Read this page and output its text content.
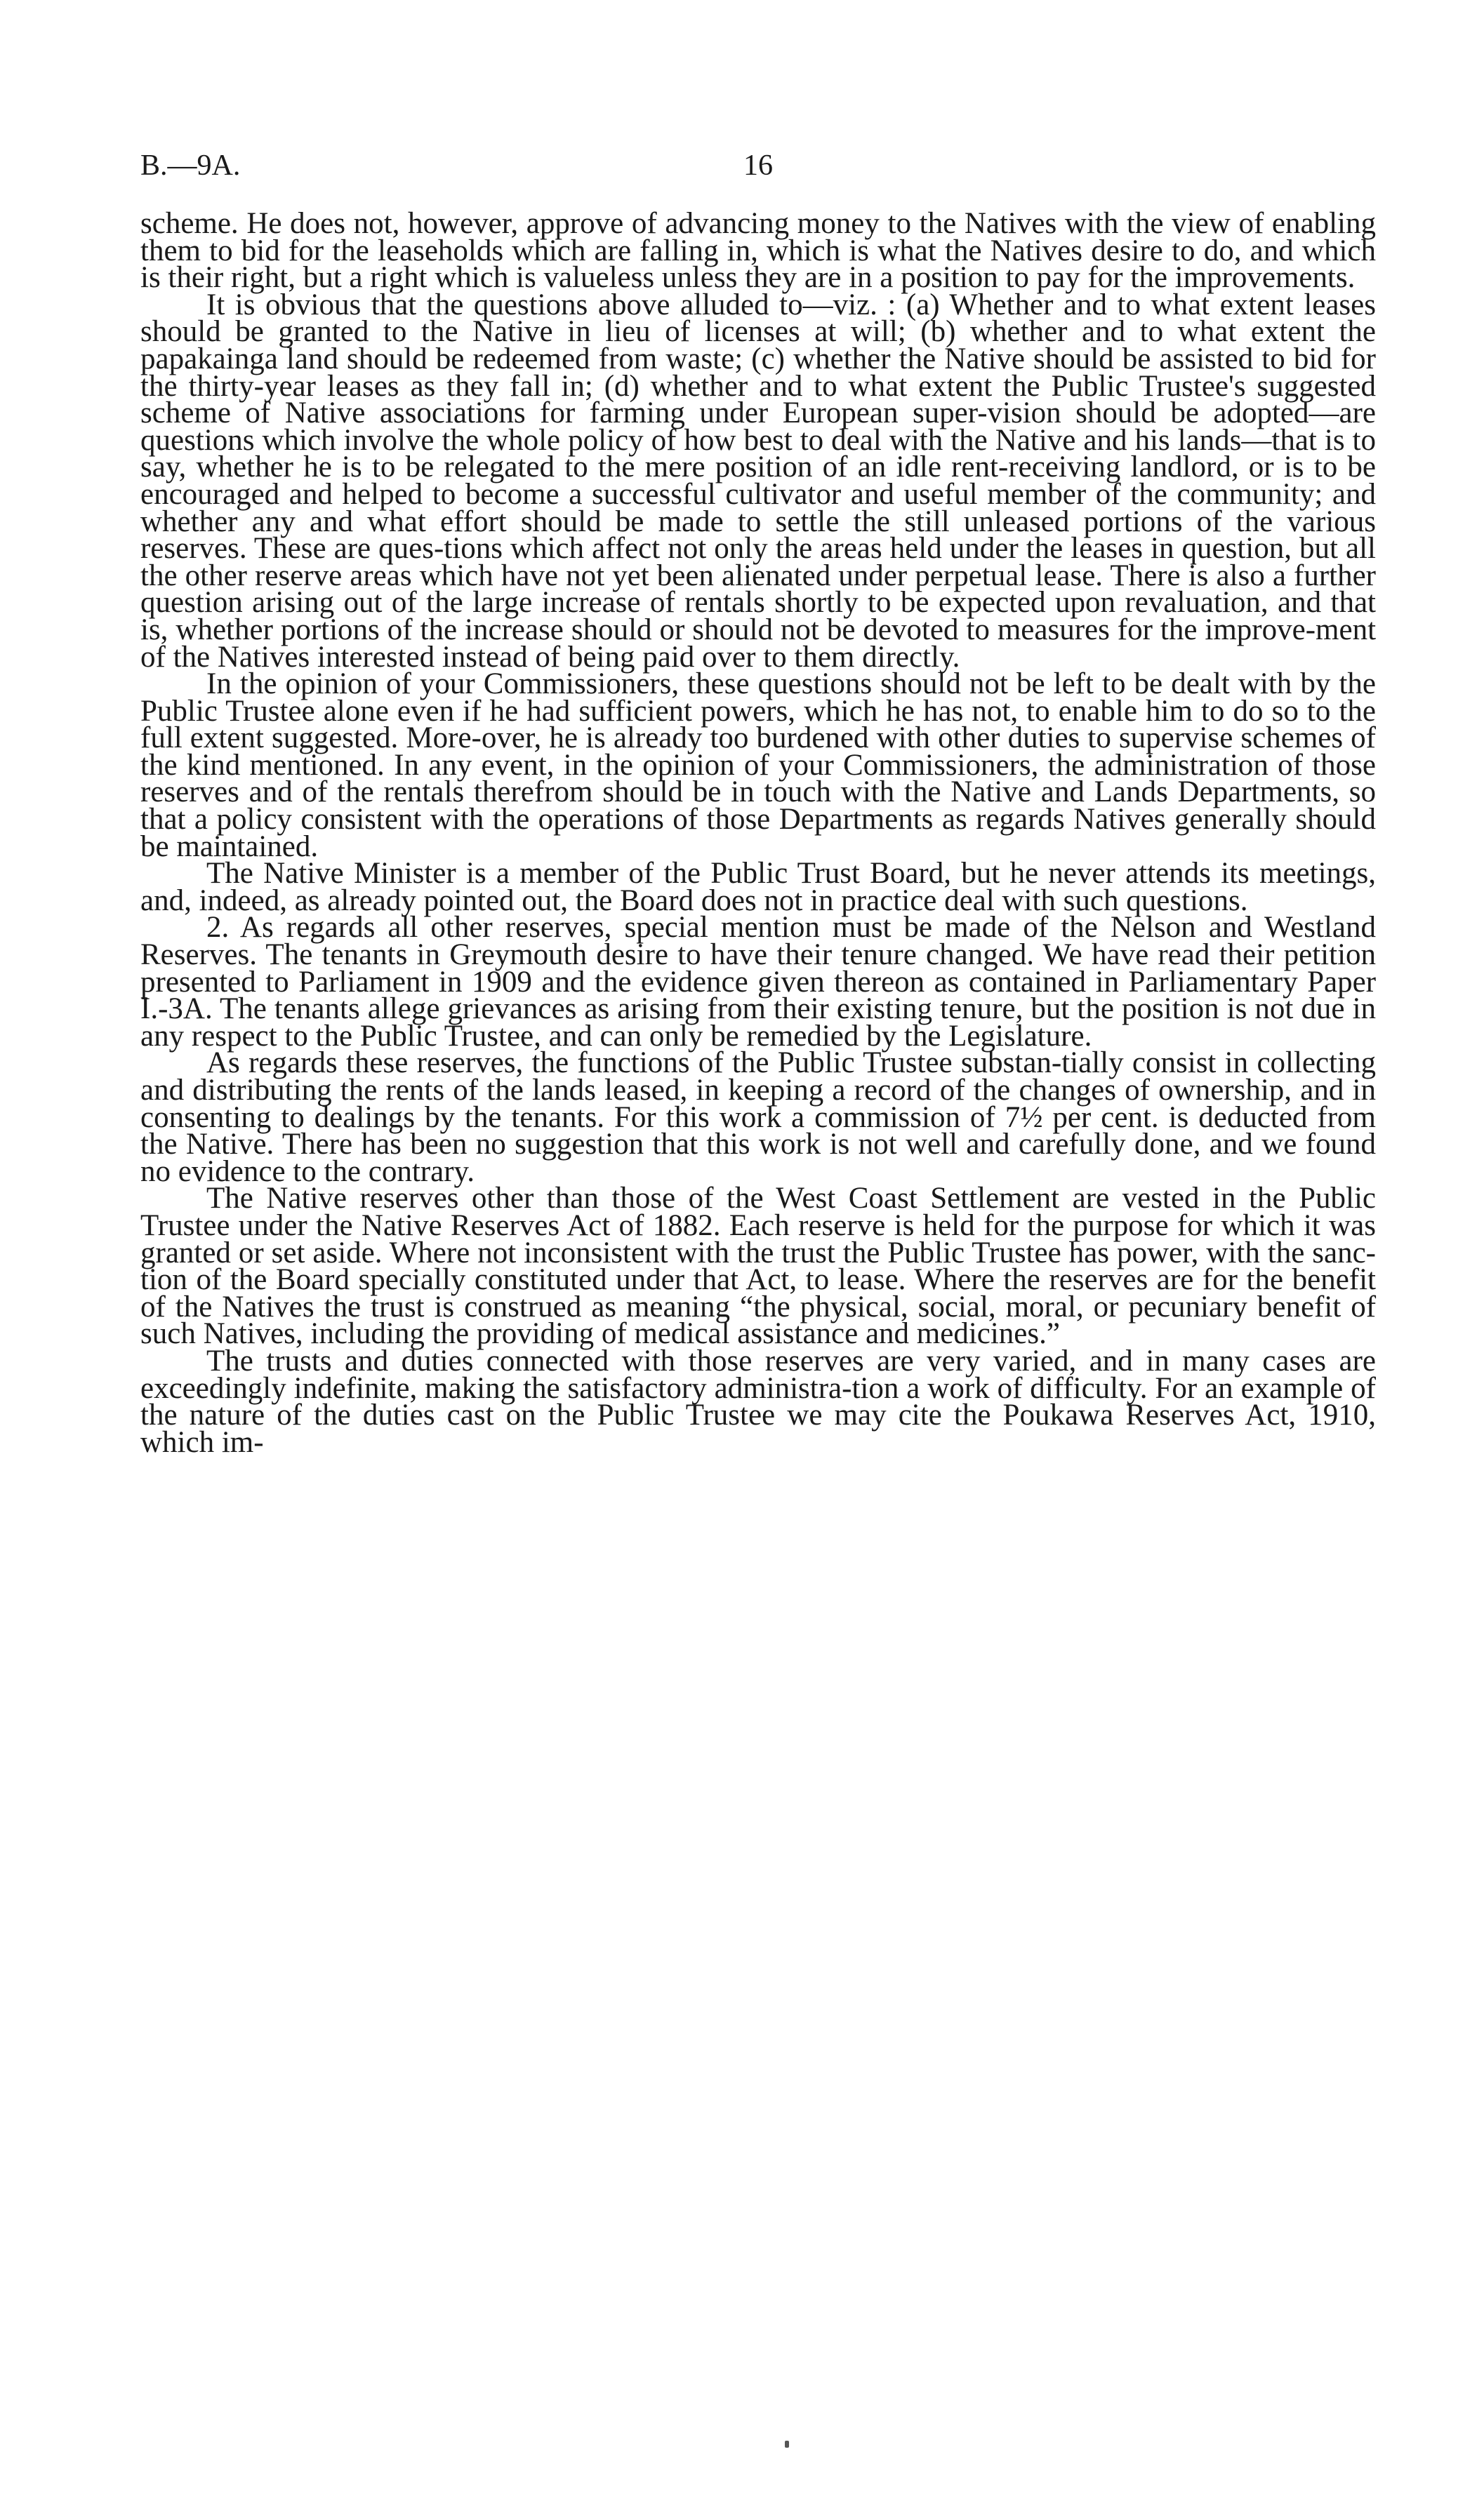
B.—9A.	16

scheme. He does not, however, approve of advancing money to the Natives with the view of enabling them to bid for the leaseholds which are falling in, which is what the Natives desire to do, and which is their right, but a right which is valueless unless they are in a position to pay for the improvements.

It is obvious that the questions above alluded to—viz. : (a) Whether and to what extent leases should be granted to the Native in lieu of licenses at will; (b) whether and to what extent the papakainga land should be redeemed from waste; (c) whether the Native should be assisted to bid for the thirty-year leases as they fall in; (d) whether and to what extent the Public Trustee's suggested scheme of Native associations for farming under European super-vision should be adopted—are questions which involve the whole policy of how best to deal with the Native and his lands—that is to say, whether he is to be relegated to the mere position of an idle rent-receiving landlord, or is to be encouraged and helped to become a successful cultivator and useful member of the community; and whether any and what effort should be made to settle the still unleased portions of the various reserves. These are ques-tions which affect not only the areas held under the leases in question, but all the other reserve areas which have not yet been alienated under perpetual lease. There is also a further question arising out of the large increase of rentals shortly to be expected upon revaluation, and that is, whether portions of the increase should or should not be devoted to measures for the improve-ment of the Natives interested instead of being paid over to them directly.

In the opinion of your Commissioners, these questions should not be left to be dealt with by the Public Trustee alone even if he had sufficient powers, which he has not, to enable him to do so to the full extent suggested. More-over, he is already too burdened with other duties to supervise schemes of the kind mentioned. In any event, in the opinion of your Commissioners, the administration of those reserves and of the rentals therefrom should be in touch with the Native and Lands Departments, so that a policy consistent with the operations of those Departments as regards Natives generally should be maintained.

The Native Minister is a member of the Public Trust Board, but he never attends its meetings, and, indeed, as already pointed out, the Board does not in practice deal with such questions.

2. As regards all other reserves, special mention must be made of the Nelson and Westland Reserves. The tenants in Greymouth desire to have their tenure changed. We have read their petition presented to Parliament in 1909 and the evidence given thereon as contained in Parliamentary Paper I.-3A. The tenants allege grievances as arising from their existing tenure, but the position is not due in any respect to the Public Trustee, and can only be remedied by the Legislature.

As regards these reserves, the functions of the Public Trustee substan-tially consist in collecting and distributing the rents of the lands leased, in keeping a record of the changes of ownership, and in consenting to dealings by the tenants. For this work a commission of 7½ per cent. is deducted from the Native. There has been no suggestion that this work is not well and carefully done, and we found no evidence to the contrary.

The Native reserves other than those of the West Coast Settlement are vested in the Public Trustee under the Native Reserves Act of 1882. Each reserve is held for the purpose for which it was granted or set aside. Where not inconsistent with the trust the Public Trustee has power, with the sanc-tion of the Board specially constituted under that Act, to lease. Where the reserves are for the benefit of the Natives the trust is construed as meaning “the physical, social, moral, or pecuniary benefit of such Natives, including the providing of medical assistance and medicines.”

The trusts and duties connected with those reserves are very varied, and in many cases are exceedingly indefinite, making the satisfactory administra-tion a work of difficulty. For an example of the nature of the duties cast on the Public Trustee we may cite the Poukawa Reserves Act, 1910, which im-
